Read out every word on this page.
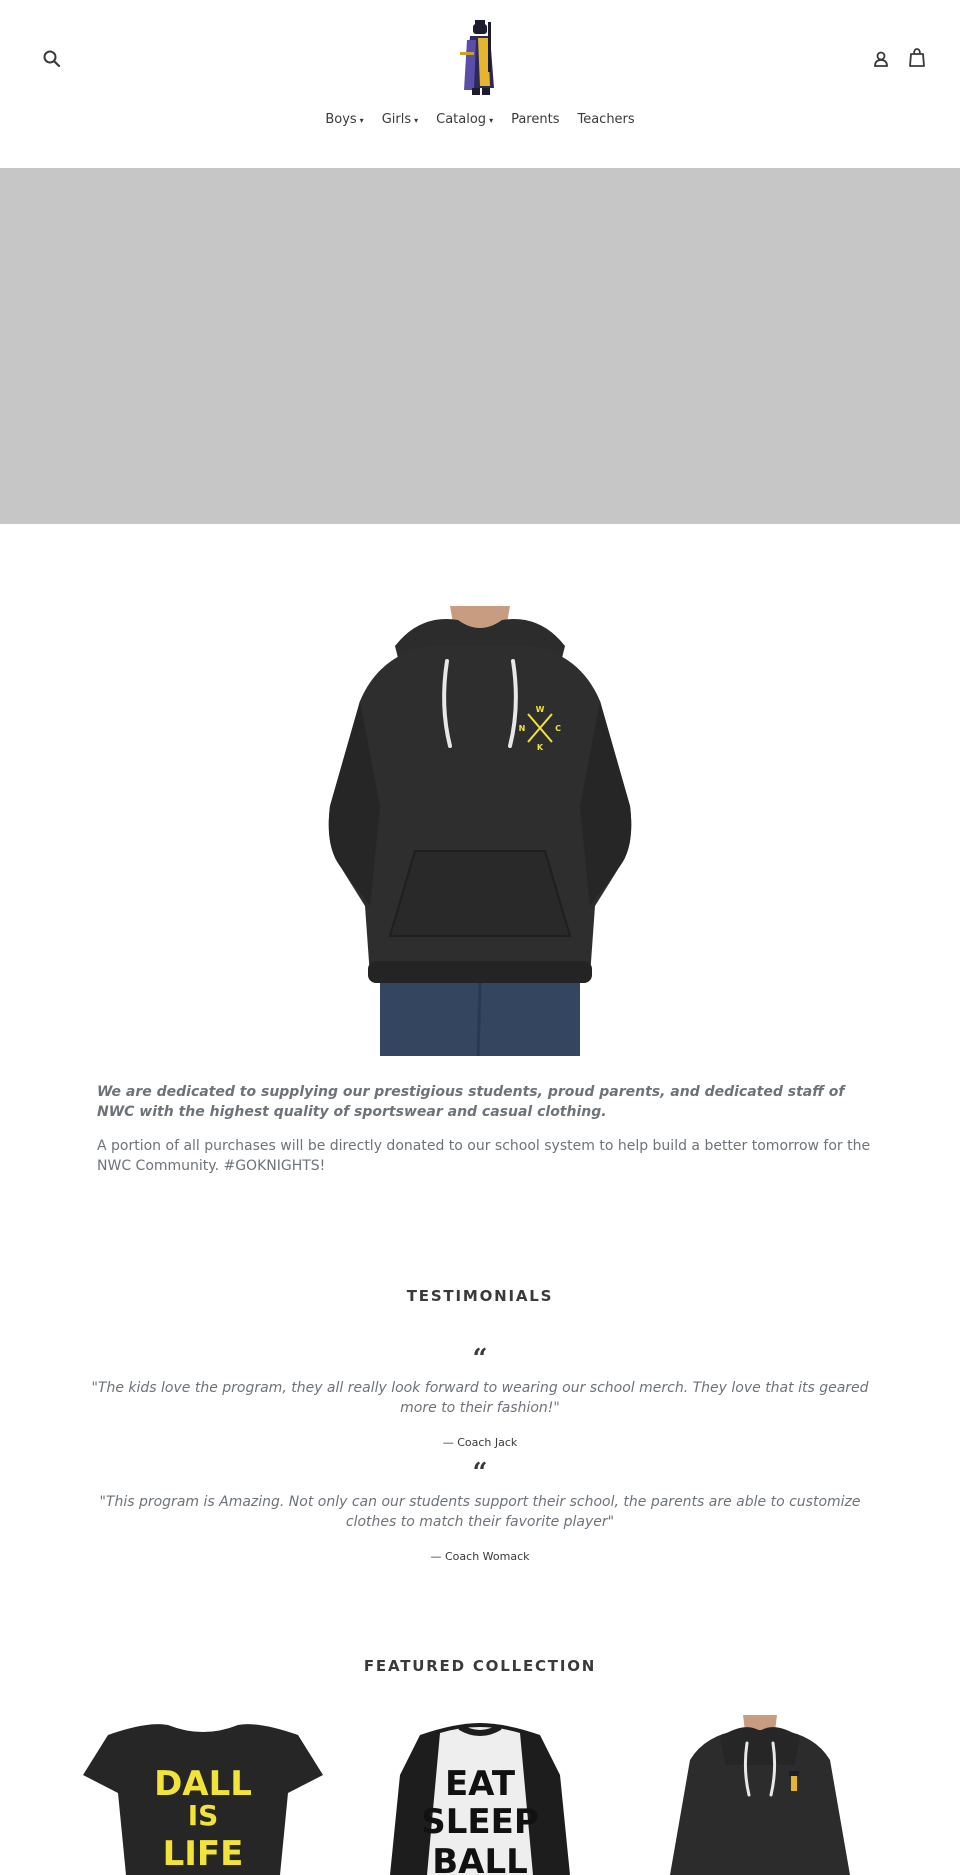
Boys ▾ Girls ▾ Catalog ▾ Parents Teachers
W
C
K
N

We are dedicated to supplying our prestigious students, proud parents, and dedicated staff of NWC with the highest quality of sportswear and casual clothing.

A portion of all purchases will be directly donated to our school system to help build a better tomorrow for the NWC Community. #GOKNIGHTS!

TESTIMONIALS
“

"The kids love the program, they all really look forward to wearing our school merch. They love that its geared more to their fashion!"

— Coach Jack

“

"This program is Amazing. Not only can our students support their school, the parents are able to customize clothes to match their favorite player"

— Coach Womack

FEATURED COLLECTION
DALL
IS
LIFE
EAT
SLEEP
BALL
